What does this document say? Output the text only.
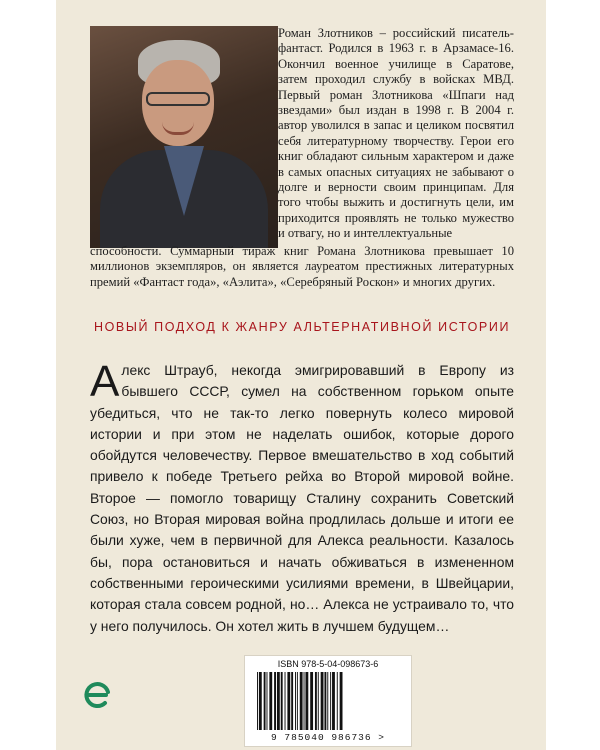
Роман Злотников – российский писатель-фантаст. Родился в 1963 г. в Арзамасе-16. Окончил военное училище в Саратове, затем проходил службу в войсках МВД. Первый роман Злотникова «Шпаги над звездами» был издан в 1998 г. В 2004 г. автор уволился в запас и целиком посвятил себя литературному творчеству. Герои его книг обладают сильным характером и даже в самых опасных ситуациях не забывают о долге и верности своим принципам. Для того чтобы выжить и достигнуть цели, им приходится проявлять не только мужество и отвагу, но и интеллектуальные

способности. Суммарный тираж книг Романа Злотникова превышает 10 миллионов экземпляров, он является лауреатом престижных литературных премий «Фантаст года», «Аэлита», «Серебряный Роскон» и многих других.

НОВЫЙ ПОДХОД К ЖАНРУ АЛЬТЕРНАТИВНОЙ ИСТОРИИ

Алекс Штрауб, некогда эмигрировавший в Европу из бывшего СССР, сумел на собственном горьком опыте убедиться, что не так-то легко повернуть колесо мировой истории и при этом не наделать ошибок, которые дорого обойдутся человечеству. Первое вмешательство в ход событий привело к победе Третьего рейха во Второй мировой войне. Второе — помогло товарищу Сталину сохранить Советский Союз, но Вторая мировая война продлилась дольше и итоги ее были хуже, чем в первичной для Алекса реальности. Казалось бы, пора остановиться и начать обживаться в измененном собственными героическими усилиями времени, в Швейцарии, которая стала совсем родной, но… Алекса не устраивало то, что у него получилось. Он хотел жить в лучшем будущем…

ISBN 978-5-04-098673-6
9 785040 986736 >
